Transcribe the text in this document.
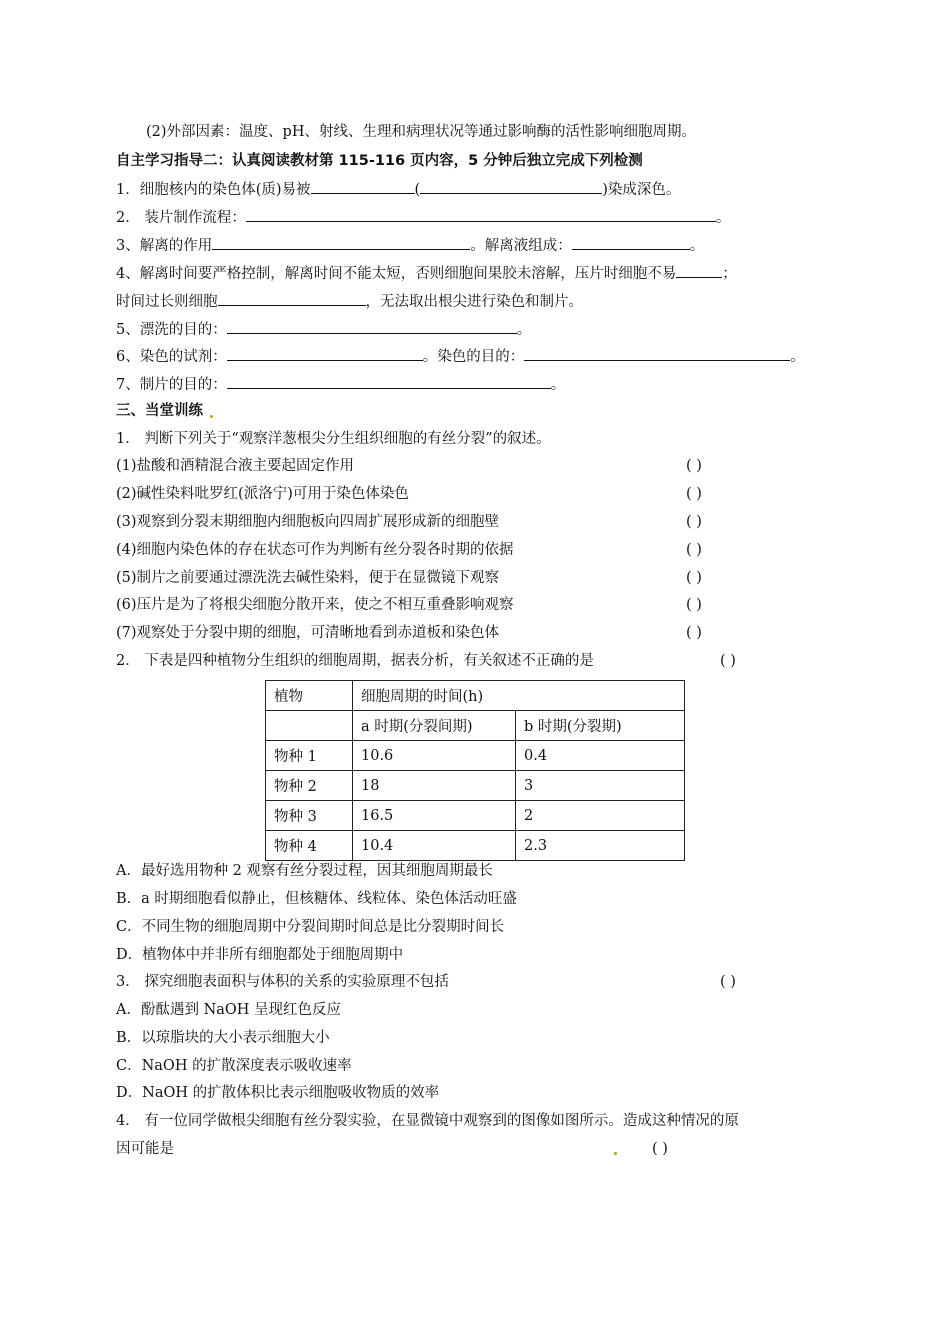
(2)外部因素：温度、pH、射线、生理和病理状况等通过影响酶的活性影响细胞周期。
自主学习指导二：认真阅读教材第 115-116 页内容，5 分钟后独立完成下列检测
1．细胞核内的染色体(质)易被	(	)染成深色。
2． 装片制作流程：	。
3、解离的作用	。解离液组成：	。
4、解离时间要严格控制，解离时间不能太短，否则细胞间果胶未溶解，压片时细胞不易	；
时间过长则细胞	，无法取出根尖进行染色和制片。
5、漂洗的目的：	。
6、染色的试剂：	。染色的目的：	。
7、制片的目的：	。
三、当堂训练
1． 判断下列关于“观察洋葱根尖分生组织细胞的有丝分裂”的叙述。
(1)盐酸和酒精混合液主要起固定作用	( )
(2)碱性染料吡罗红(派洛宁)可用于染色体染色	( )
(3)观察到分裂末期细胞内细胞板向四周扩展形成新的细胞壁	( )
(4)细胞内染色体的存在状态可作为判断有丝分裂各时期的依据	( )
(5)制片之前要通过漂洗洗去碱性染料，便于在显微镜下观察	( )
(6)压片是为了将根尖细胞分散开来，使之不相互重叠影响观察	( )
(7)观察处于分裂中期的细胞，可清晰地看到赤道板和染色体	( )
2． 下表是四种植物分生组织的细胞周期，据表分析，有关叙述不正确的是	( )
植物	细胞周期的时间(h)	
	a 时期(分裂间期)	b 时期(分裂期)
物种 1	10.6	0.4
物种 2	18	3
物种 3	16.5	2
物种 4	10.4	2.3
A．最好选用物种 2 观察有丝分裂过程，因其细胞周期最长
B．a 时期细胞看似静止，但核糖体、线粒体、染色体活动旺盛
C．不同生物的细胞周期中分裂间期时间总是比分裂期时间长
D．植物体中并非所有细胞都处于细胞周期中
3． 探究细胞表面积与体积的关系的实验原理不包括	( )
A．酚酞遇到 NaOH 呈现红色反应
B．以琼脂块的大小表示细胞大小
C．NaOH 的扩散深度表示吸收速率
D．NaOH 的扩散体积比表示细胞吸收物质的效率
4． 有一位同学做根尖细胞有丝分裂实验，在显微镜中观察到的图像如图所示。造成这种情况的原
因可能是	( )
